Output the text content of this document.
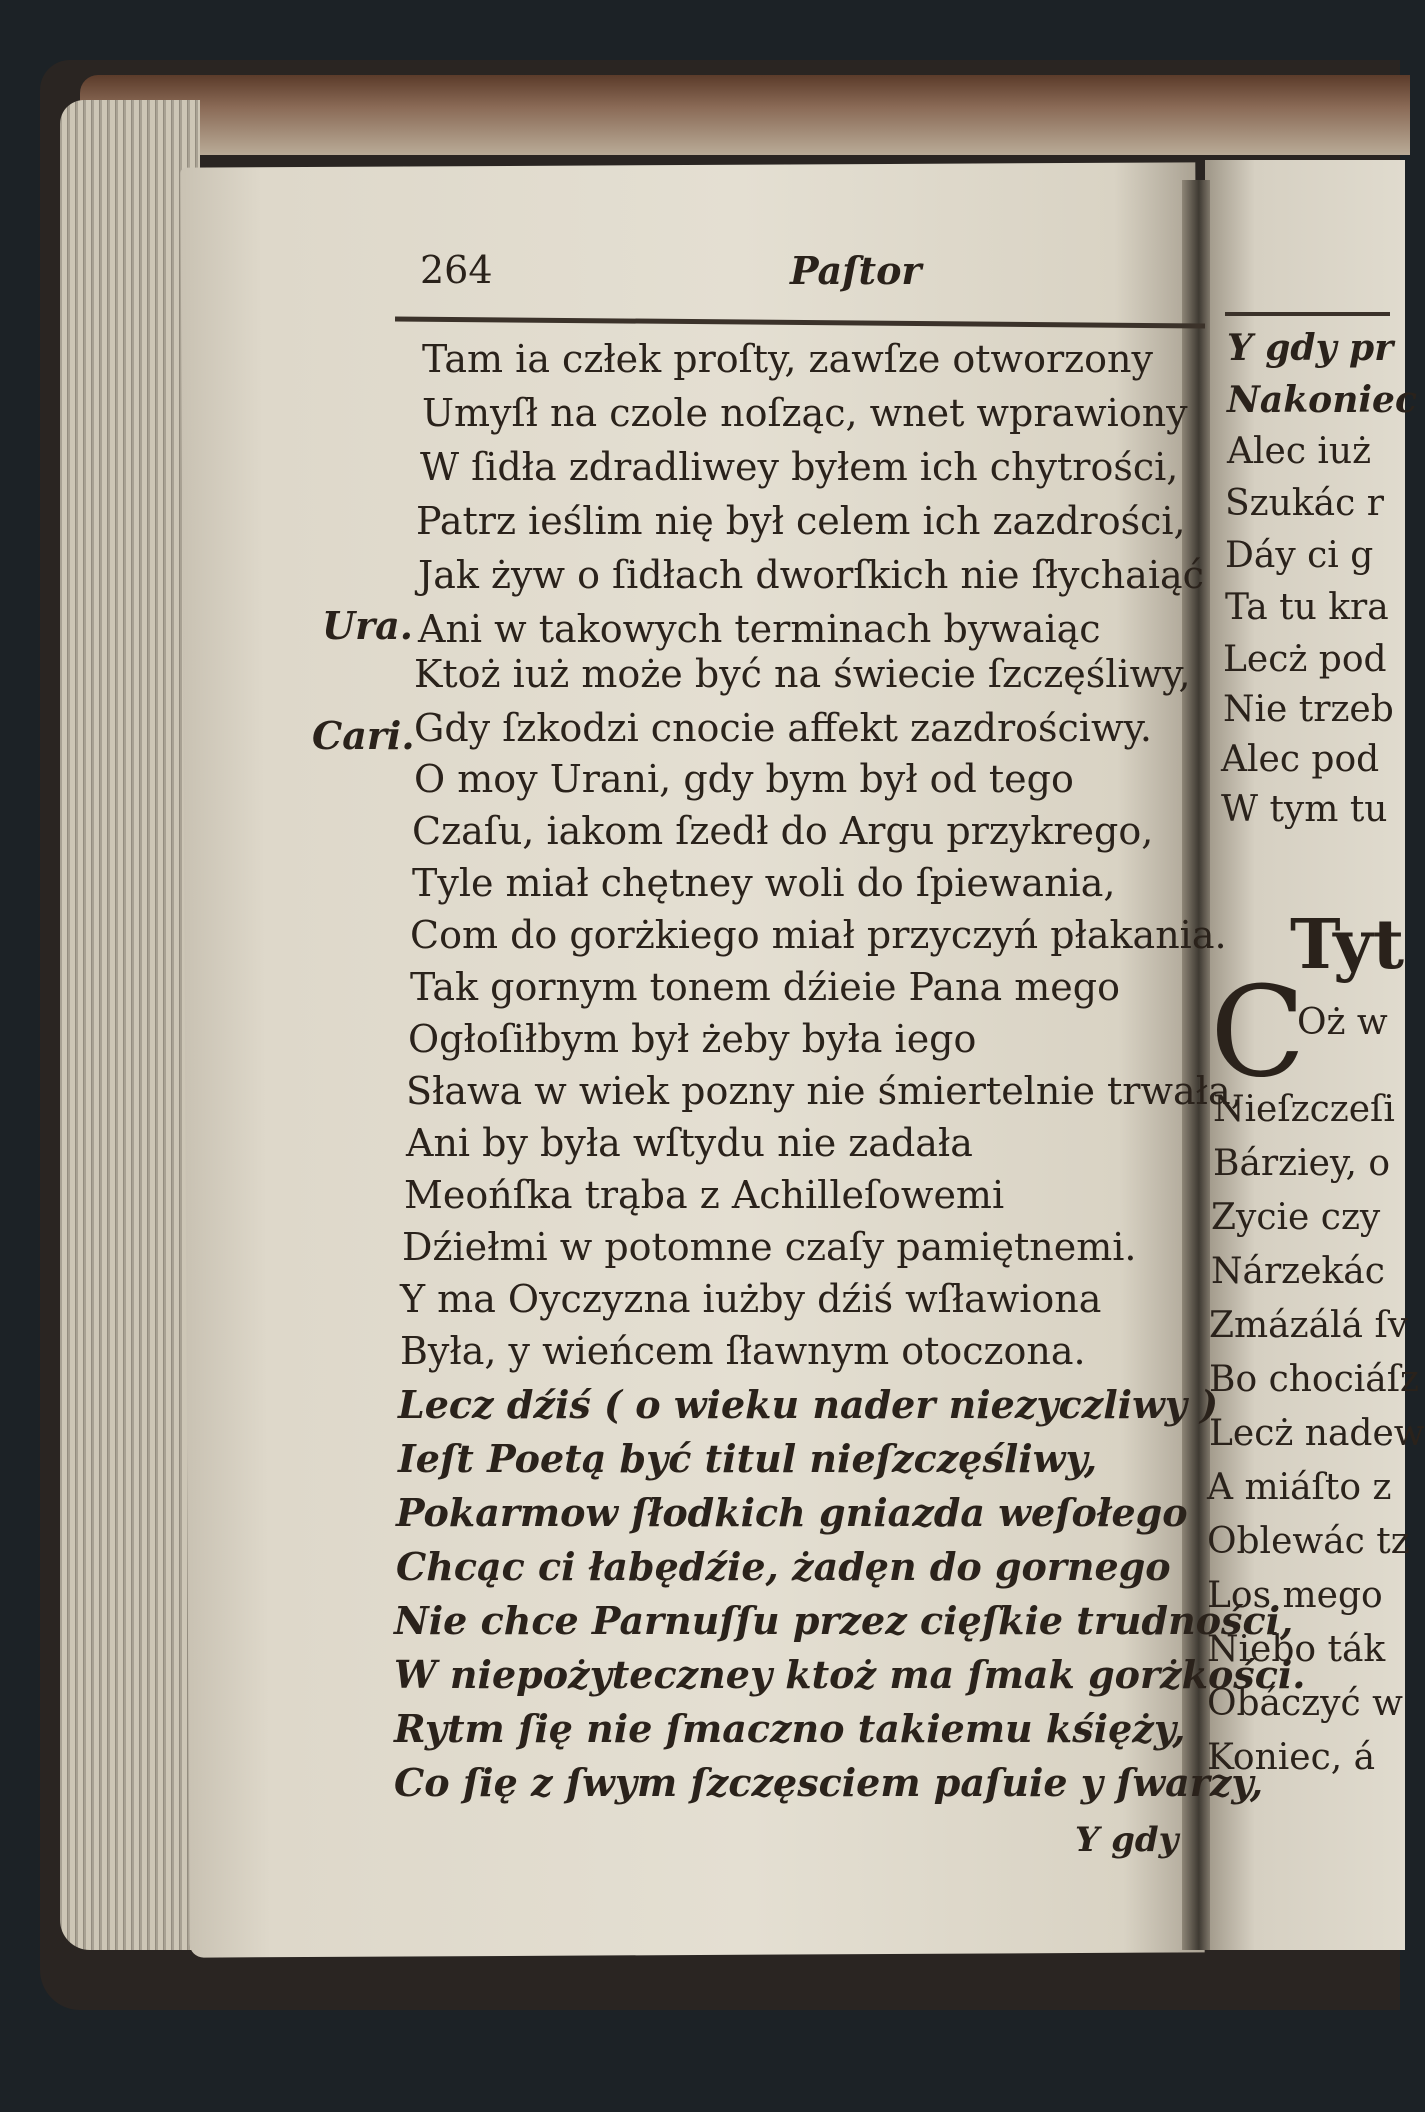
264	Paſtor
Ura.
Cari.
Tam ia człek proſty, zawſze otworzony
Umyſł na czole noſząc, wnet wprawiony
W ſidła zdradliwey byłem ich chytrości,
Patrz ieślim nię był celem ich zazdrości,
Jak żyw o ſidłach dworſkich nie ſłychaiąć
Ani w takowych terminach bywaiąc
Ktoż iuż może być na świecie ſzczęśliwy,
Gdy ſzkodzi cnocie affekt zazdrościwy.
O moy Urani, gdy bym był od tego
Czaſu, iakom ſzedł do Argu przykrego,
Tyle miał chętney woli do ſpiewania,
Com do gorżkiego miał przyczyń płakania.
Tak gornym tonem dźieie Pana mego
Ogłoſiłbym był żeby była iego
Sława w wiek pozny nie śmiertelnie trwała,
Ani by była wſtydu nie zadała
Meońſka trąba z Achilleſowemi
Dźiełmi w potomne czaſy pamiętnemi.
Y ma Oyczyzna iużby dźiś wſławiona
Była, y wieńcem ſławnym otoczona.
Lecz dźiś ( o wieku nader niezyczliwy )
Ieſt Poetą być titul nieſzczęśliwy,
Pokarmow ſłodkich gniazda weſołego
Chcąc ci łabędźie, żadęn do gornego
Nie chce Parnuſſu przez cięſkie trudności,
W niepożyteczney ktoż ma ſmak gorżkości.
Rytm ſię nie ſmaczno takiemu kśięży,
Co ſię z ſwym ſzczęsciem paſuie y ſwarzy,
Y gdy
Y gdy pr
Nakoniec
Alec iuż
Szukác r
Dáy ci g
Ta tu kra
Lecż pod
Nie trzeb
Alec pod
W tym tu
Tyt
C
Oż w
Nieſzczeſi
Bárziey, o
Zycie czy
Nárzekác
Zmázálá ſv
Bo chociáſz
Lecż nadew
A miáſto z
Oblewác tz
Los mego
Niebo ták
Obáczyć w
Koniec, á
